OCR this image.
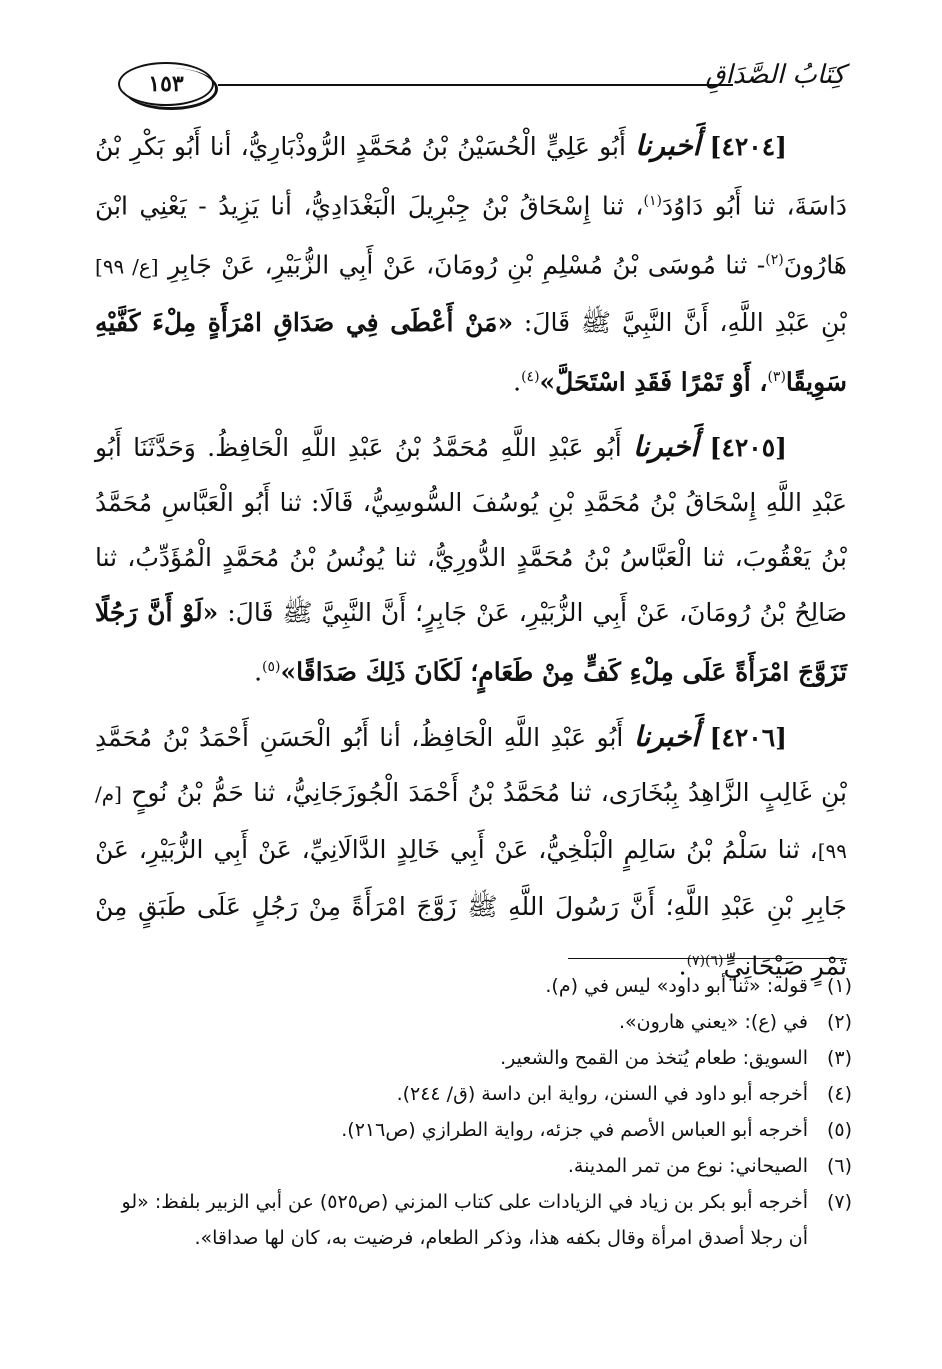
١٥٣	كِتَابُ الصَّدَاقِ

[٤٢٠٤] أَخبرنا أَبُو عَلِيٍّ الْحُسَيْنُ بْنُ مُحَمَّدٍ الرُّوذْبَارِيُّ، أنا أَبُو بَكْرِ بْنُ دَاسَةَ، ثنا أَبُو دَاوُدَ$^{(١)}$، ثنا إِسْحَاقُ بْنُ جِبْرِيلَ الْبَغْدَادِيُّ، أنا يَزِيدُ - يَعْنِي ابْنَ هَارُونَ$^{(٢)}$- ثنا مُوسَى بْنُ مُسْلِمِ بْنِ رُومَانَ، عَنْ أَبِي الزُّبَيْرِ، عَنْ جَابِرِ [ع/ ٩٩] بْنِ عَبْدِ اللَّهِ، أَنَّ النَّبِيَّ ﷺ قَالَ: «مَنْ أَعْطَى فِي صَدَاقِ امْرَأَةٍ مِلْءَ كَفَّيْهِ سَوِيقًا$^{(٣)}$، أَوْ تَمْرًا فَقَدِ اسْتَحَلَّ»$^{(٤)}$.

[٤٢٠٥] أَخبرنا أَبُو عَبْدِ اللَّهِ مُحَمَّدُ بْنُ عَبْدِ اللَّهِ الْحَافِظُ. وَحَدَّثَنَا أَبُو عَبْدِ اللَّهِ إِسْحَاقُ بْنُ مُحَمَّدِ بْنِ يُوسُفَ السُّوسِيُّ، قَالَا: ثنا أَبُو الْعَبَّاسِ مُحَمَّدُ بْنُ يَعْقُوبَ، ثنا الْعَبَّاسُ بْنُ مُحَمَّدٍ الدُّورِيُّ، ثنا يُونُسُ بْنُ مُحَمَّدٍ الْمُؤَدِّبُ، ثنا صَالِحُ بْنُ رُومَانَ، عَنْ أَبِي الزُّبَيْرِ، عَنْ جَابِرٍ؛ أَنَّ النَّبِيَّ ﷺ قَالَ: «لَوْ أَنَّ رَجُلًا تَزَوَّجَ امْرَأَةً عَلَى مِلْءِ كَفٍّ مِنْ طَعَامٍ؛ لَكَانَ ذَلِكَ صَدَاقًا»$^{(٥)}$.

[٤٢٠٦] أَخبرنا أَبُو عَبْدِ اللَّهِ الْحَافِظُ، أنا أَبُو الْحَسَنِ أَحْمَدُ بْنُ مُحَمَّدِ بْنِ غَالِبٍ الزَّاهِدُ بِبُخَارَى، ثنا مُحَمَّدُ بْنُ أَحْمَدَ الْجُوزَجَانِيُّ، ثنا حَمُّ بْنُ نُوحٍ [م/ ٩٩]، ثنا سَلْمُ بْنُ سَالِمٍ الْبَلْخِيُّ، عَنْ أَبِي خَالِدٍ الدَّالَانِيِّ، عَنْ أَبِي الزُّبَيْرِ، عَنْ جَابِرِ بْنِ عَبْدِ اللَّهِ؛ أَنَّ رَسُولَ اللَّهِ ﷺ زَوَّجَ امْرَأَةً مِنْ رَجُلٍ عَلَى طَبَقٍ مِنْ تَمْرٍ صَيْحَانِيٍّ$^{(٦)(٧)}$.

(١)
قوله: «ثنا أبو داود» ليس في (م).
(٢)
في (ع): «يعني هارون».
(٣)
السويق: طعام يُتخذ من القمح والشعير.
(٤)
أخرجه أبو داود في السنن، رواية ابن داسة (ق/ ٢٤٤).
(٥)
أخرجه أبو العباس الأصم في جزئه، رواية الطرازي (ص٢١٦).
(٦)
الصيحاني: نوع من تمر المدينة.
(٧)
أخرجه أبو بكر بن زياد في الزيادات على كتاب المزني (ص٥٢٥) عن أبي الزبير بلفظ: «لو أن رجلا أصدق امرأة وقال بكفه هذا، وذكر الطعام، فرضيت به، كان لها صداقا».
